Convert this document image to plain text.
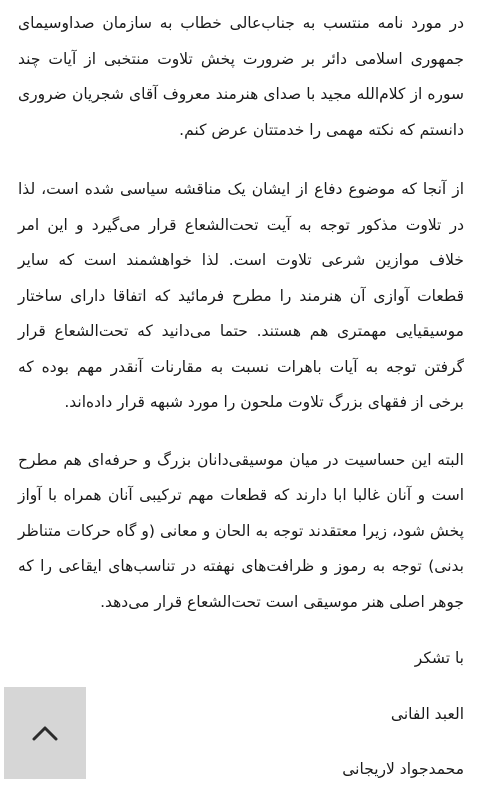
در مورد نامه منتسب به جناب‌عالی خطاب به سازمان صداوسیمای جمهوری اسلامی دائر بر ضرورت پخش تلاوت منتخبی از آیات چند سوره از کلام‌الله مجید با صدای هنرمند معروف آقای شجریان ضروری دانستم که نکته مهمی را خدمتتان عرض کنم.

از آنجا که موضوع دفاع از ایشان یک مناقشه سیاسی شده است، لذا در تلاوت مذکور توجه به آیت تحت‌الشعاع قرار می‌گیرد و این امر خلاف موازین شرعی تلاوت است. لذا خواهشمند است که سایر قطعات آوازی آن هنرمند را مطرح فرمائید که اتفاقا دارای ساختار موسیقیایی مهمتری هم هستند. حتما می‌دانید که تحت‌الشعاع قرار گرفتن توجه به آیات باهرات نسبت به مقارنات آنقدر مهم بوده که برخی از فقهای بزرگ تلاوت ملحون را مورد شبهه قرار داده‌اند.

البته این حساسیت در میان موسیقی‌دانان بزرگ و حرفه‌ای هم مطرح است و آنان غالبا ابا دارند که قطعات مهم ترکیبی آنان همراه با آواز پخش شود، زیرا معتقدند توجه به الحان و معانی (و گاه حرکات متناظر بدنی) توجه به رموز و ظرافت‌های نهفته در تناسب‌های ایقاعی را که جوهر اصلی هنر موسیقی است تحت‌الشعاع قرار می‌دهد.

با تشکر

العبد الفانی

محمدجواد لاریجانی
